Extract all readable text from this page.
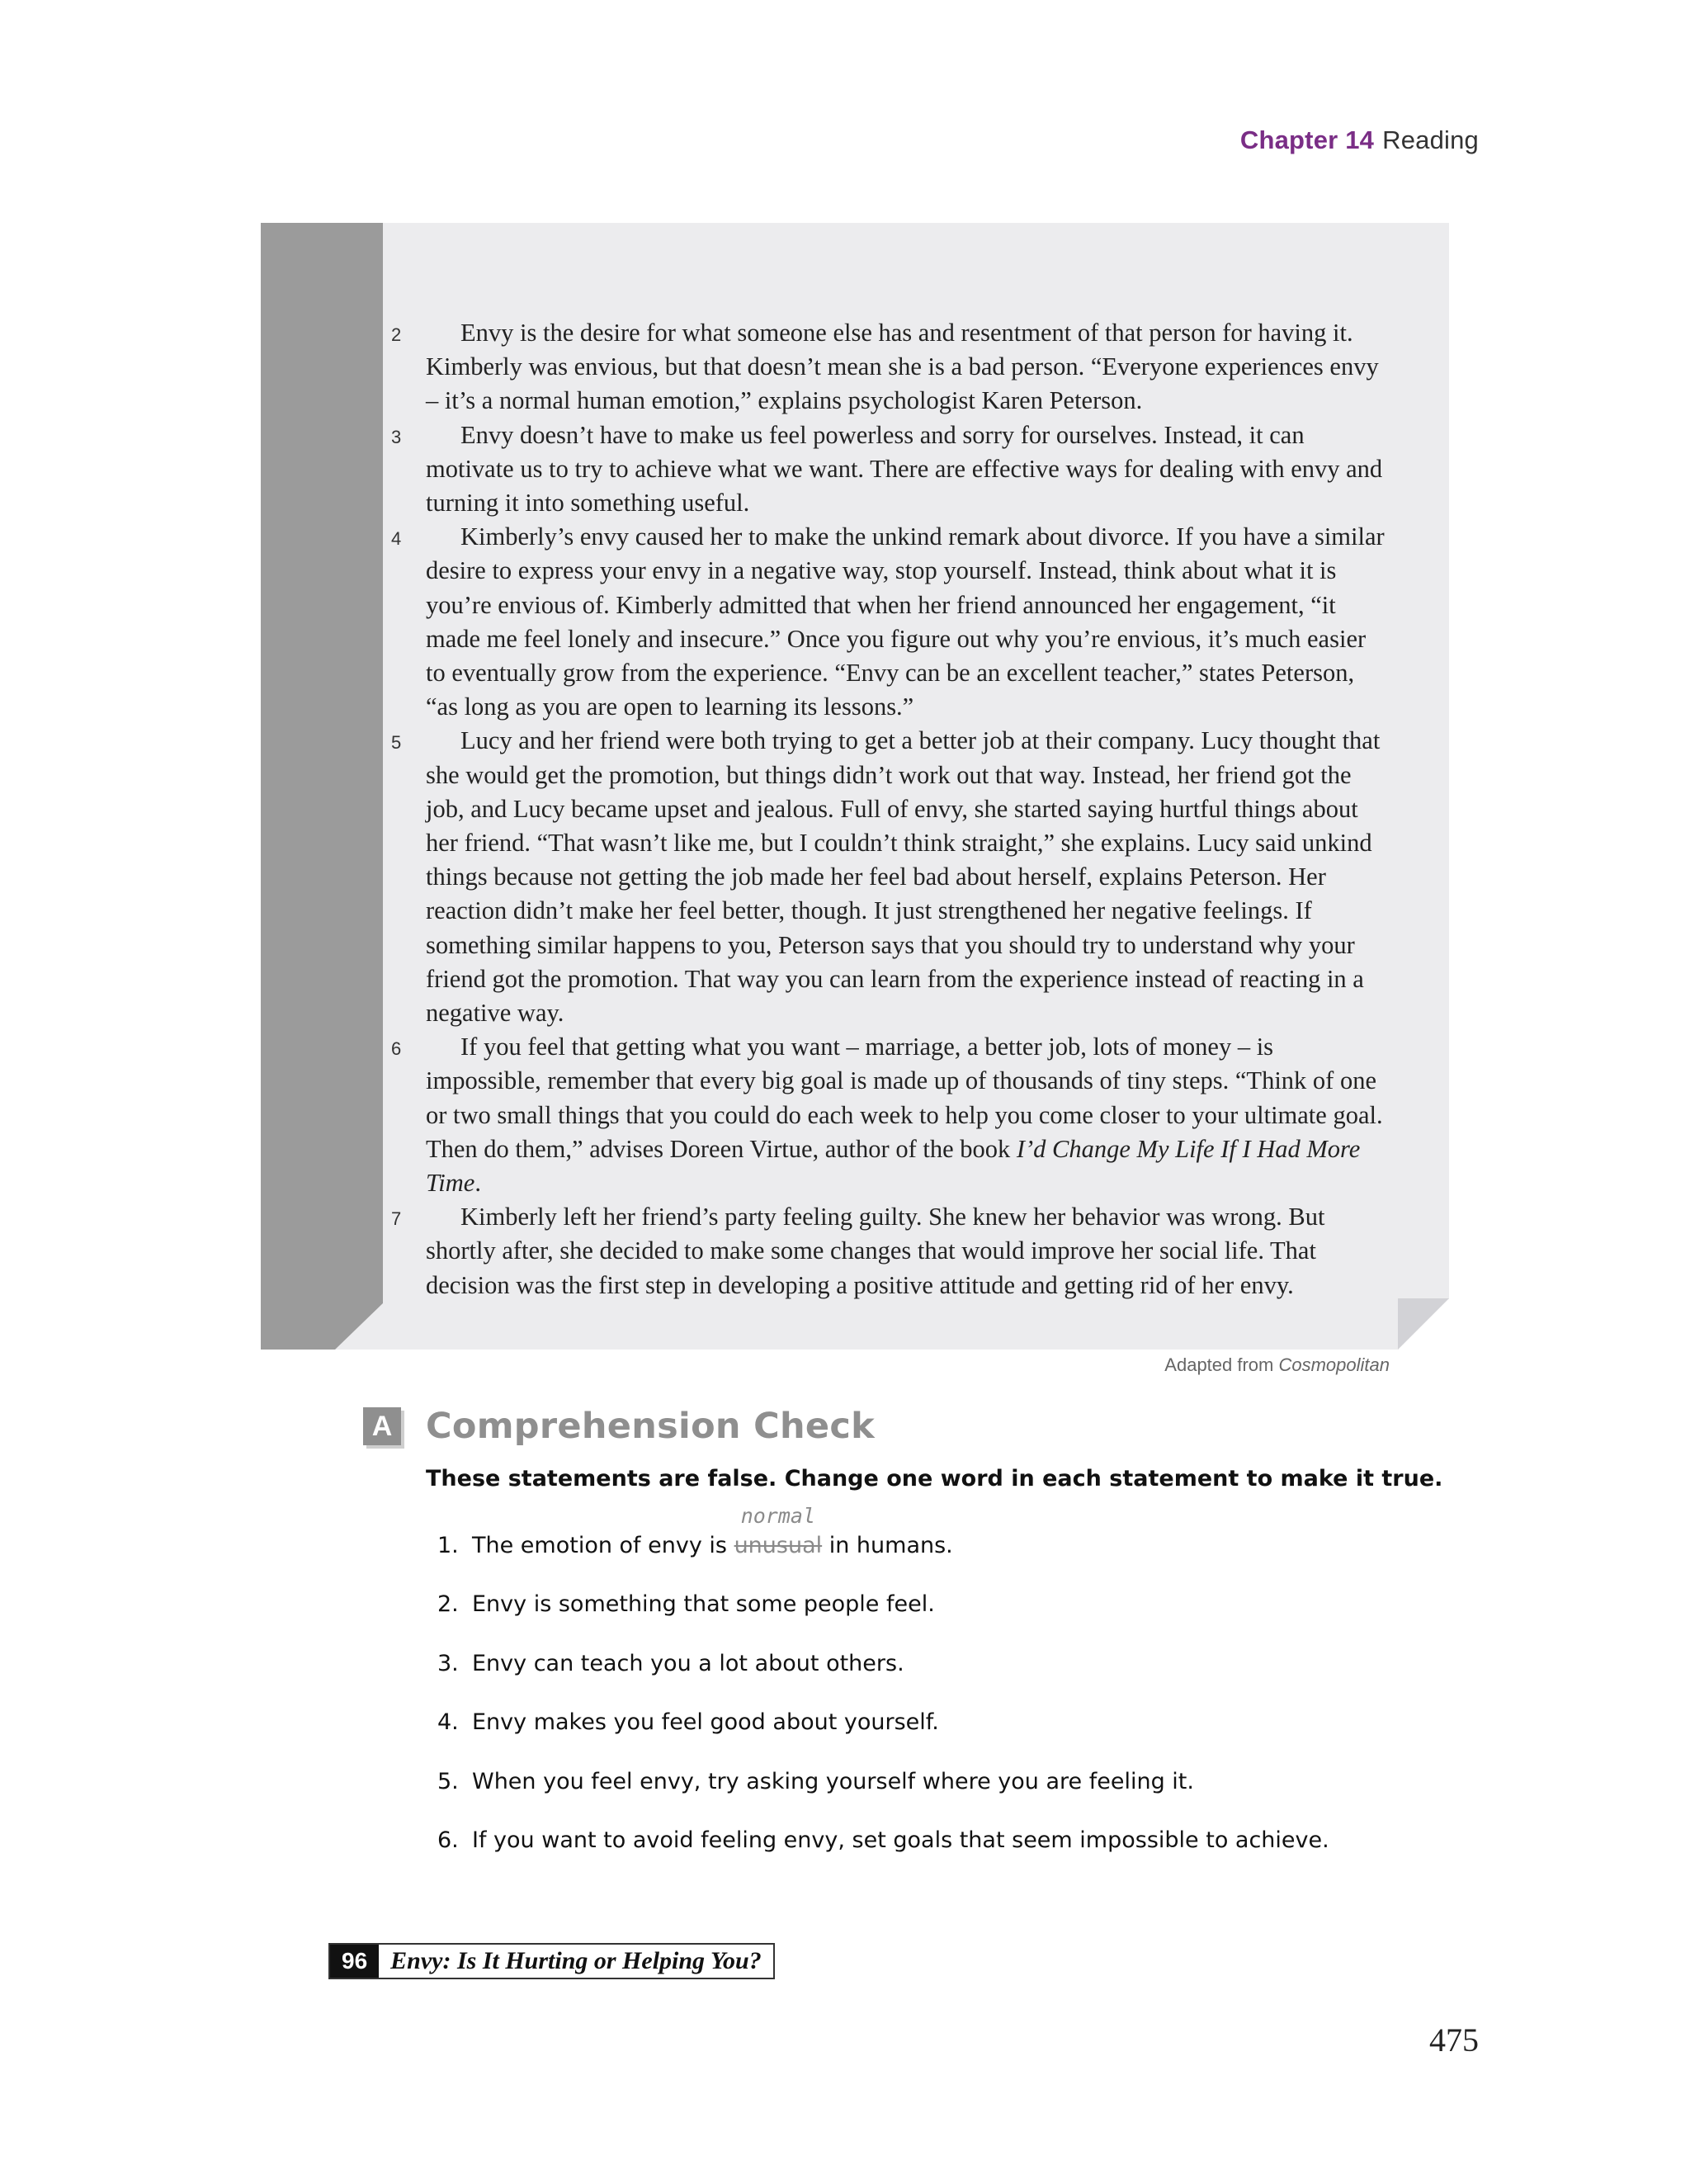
Chapter 14 Reading

2 Envy is the desire for what someone else has and resentment of that person for having it. Kimberly was envious, but that doesn’t mean she is a bad person. “Everyone experiences envy – it’s a normal human emotion,” explains psychologist Karen Peterson.

3 Envy doesn’t have to make us feel powerless and sorry for ourselves. Instead, it can motivate us to try to achieve what we want. There are effective ways for dealing with envy and turning it into something useful.

4 Kimberly’s envy caused her to make the unkind remark about divorce. If you have a similar desire to express your envy in a negative way, stop yourself. Instead, think about what it is you’re envious of. Kimberly admitted that when her friend announced her engagement, “it made me feel lonely and insecure.” Once you figure out why you’re envious, it’s much easier to eventually grow from the experience. “Envy can be an excellent teacher,” states Peterson, “as long as you are open to learning its lessons.”

5 Lucy and her friend were both trying to get a better job at their company. Lucy thought that she would get the promotion, but things didn’t work out that way. Instead, her friend got the job, and Lucy became upset and jealous. Full of envy, she started saying hurtful things about her friend. “That wasn’t like me, but I couldn’t think straight,” she explains. Lucy said unkind things because not getting the job made her feel bad about herself, explains Peterson. Her reaction didn’t make her feel better, though. It just strengthened her negative feelings. If something similar happens to you, Peterson says that you should try to understand why your friend got the promotion. That way you can learn from the experience instead of reacting in a negative way.

6 If you feel that getting what you want – marriage, a better job, lots of money – is impossible, remember that every big goal is made up of thousands of tiny steps. “Think of one or two small things that you could do each week to help you come closer to your ultimate goal. Then do them,” advises Doreen Virtue, author of the book I’d Change My Life If I Had More Time.

7 Kimberly left her friend’s party feeling guilty. She knew her behavior was wrong. But shortly after, she decided to make some changes that would improve her social life. That decision was the first step in developing a positive attitude and getting rid of her envy.

Adapted from Cosmopolitan
A Comprehension Check
These statements are false. Change one word in each statement to make it true.
1. The emotion of envy is unusual
normal
in humans.
2. Envy is something that some people feel.
3. Envy can teach you a lot about others.
4. Envy makes you feel good about yourself.
5. When you feel envy, try asking yourself where you are feeling it.
6. If you want to avoid feeling envy, set goals that seem impossible to achieve.
96 Envy: Is It Hurting or Helping You?
475
